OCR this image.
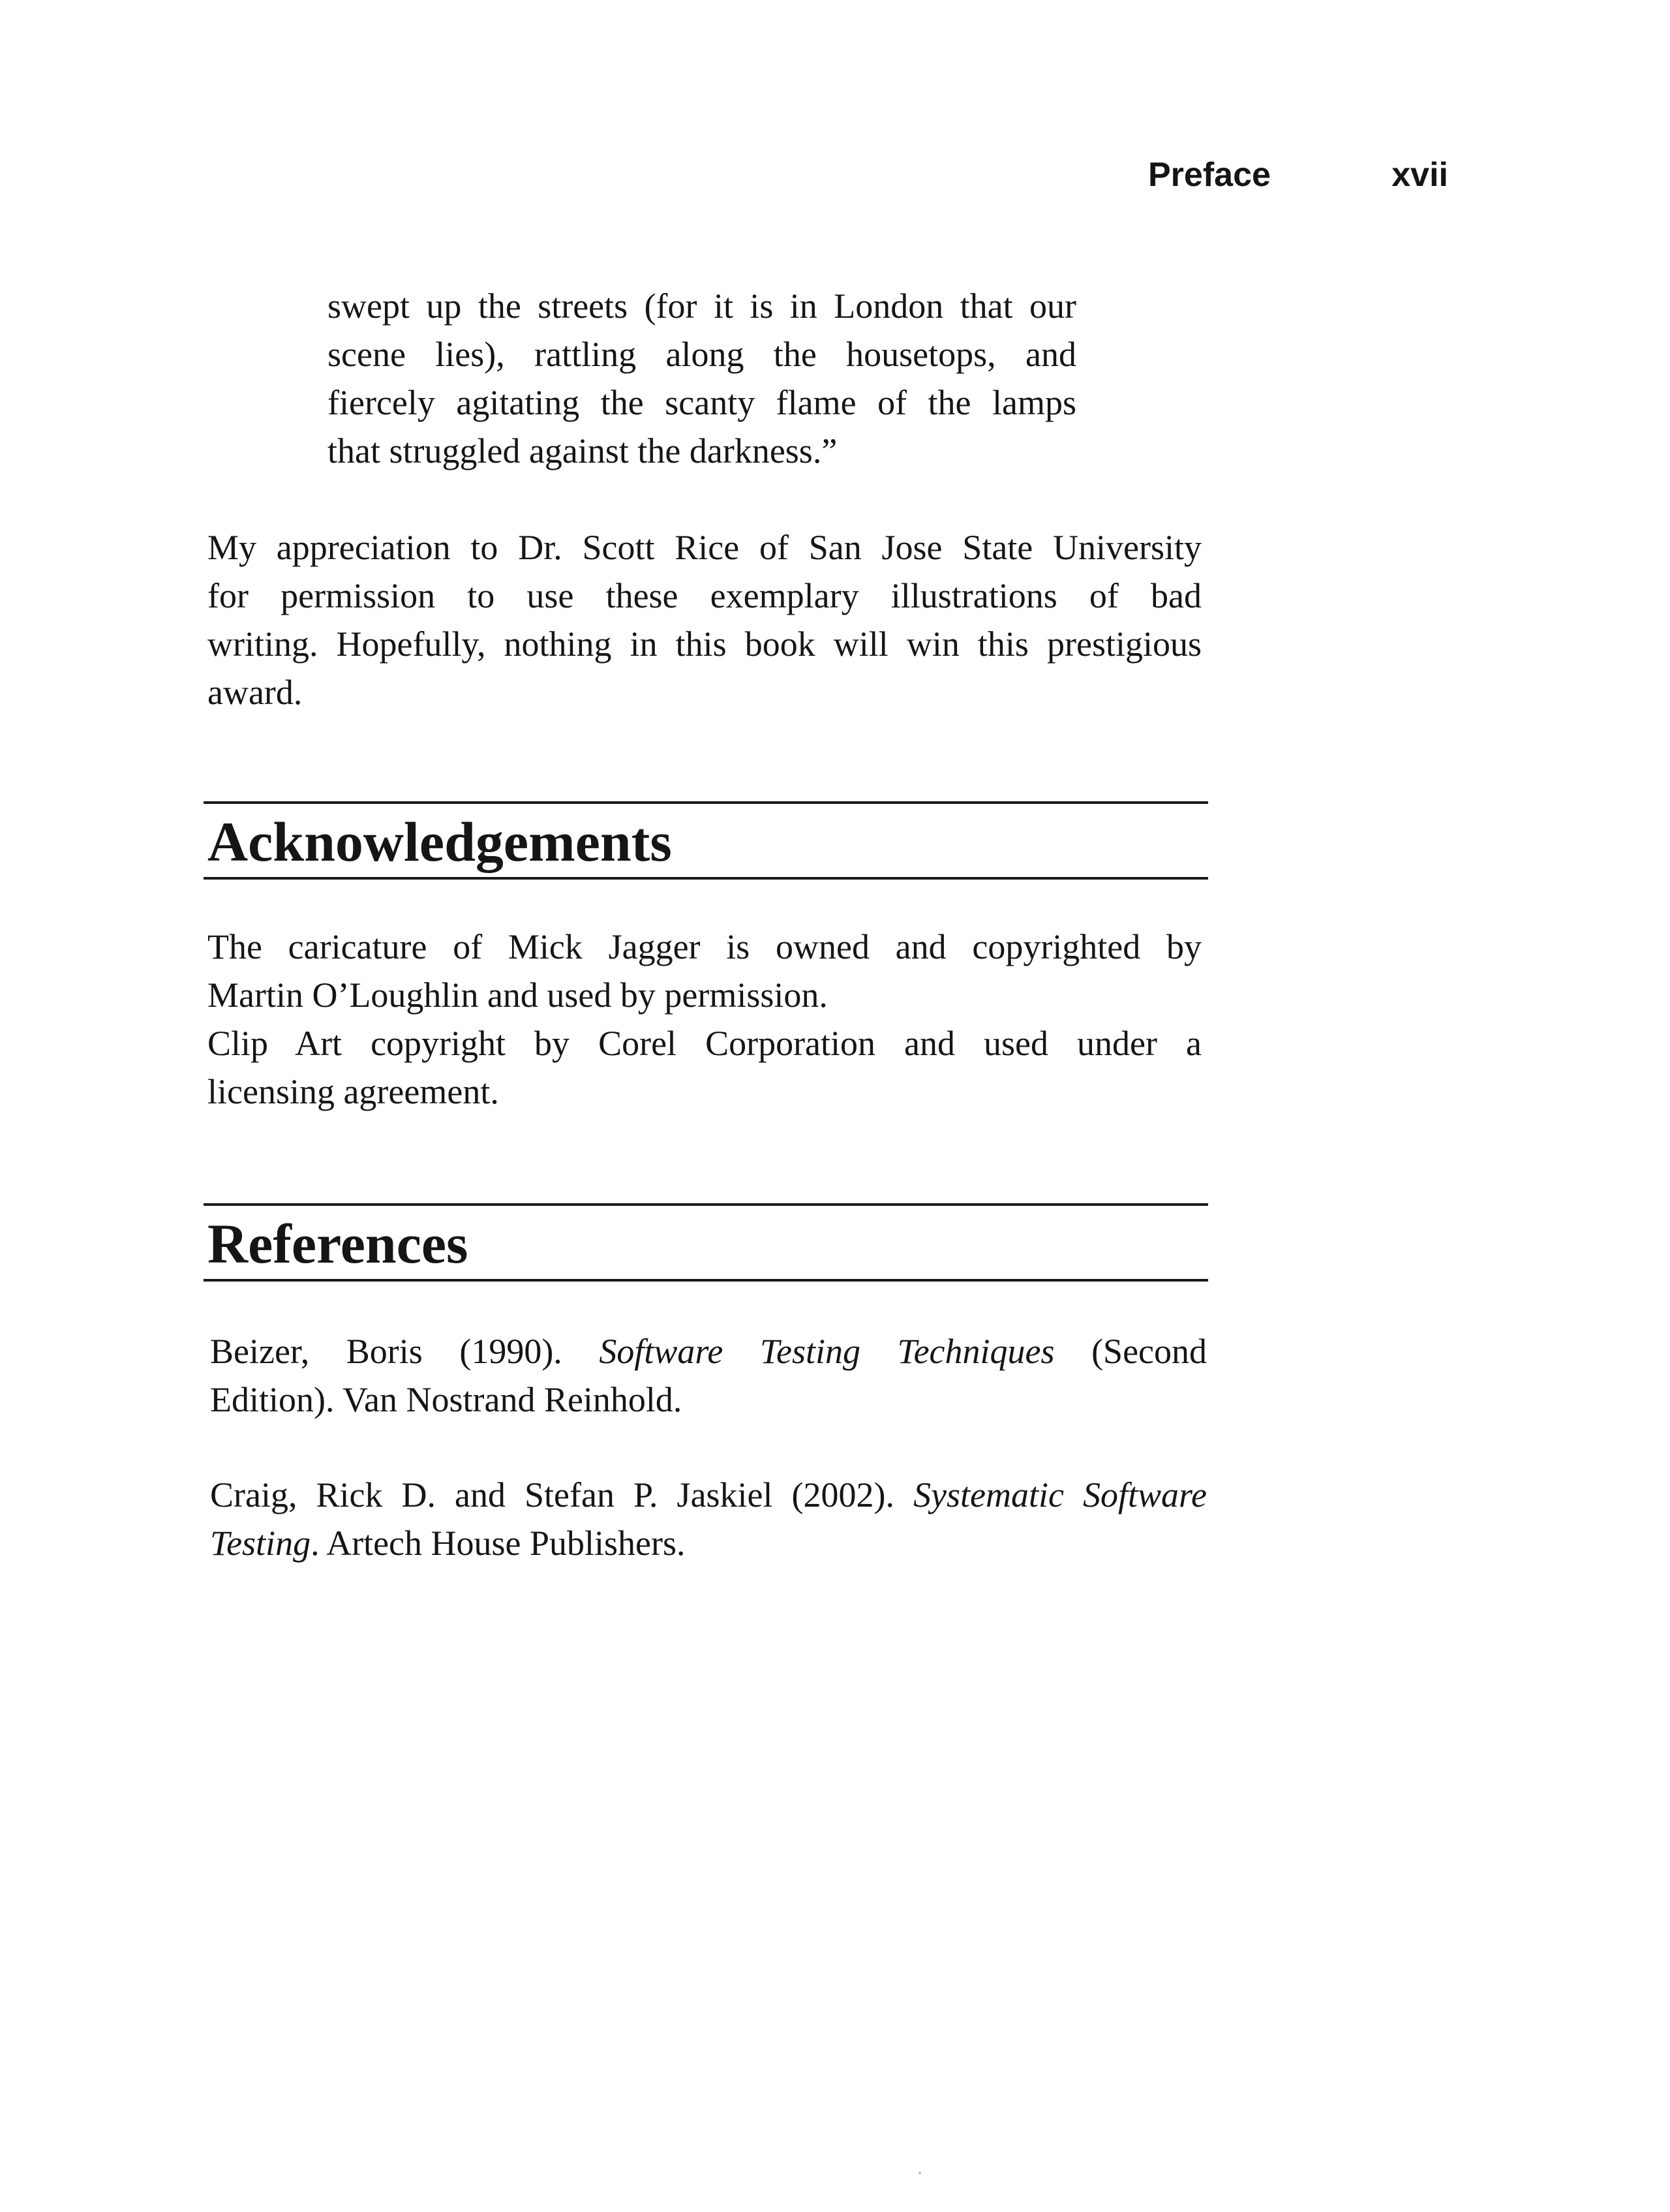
Preface	xvii
swept up the streets (for it is in London that our
scene lies), rattling along the housetops, and
fiercely agitating the scanty flame of the lamps
that struggled against the darkness.”
My appreciation to Dr. Scott Rice of San Jose State University
for permission to use these exemplary illustrations of bad
writing. Hopefully, nothing in this book will win this prestigious
award.
Acknowledgements
The caricature of Mick Jagger is owned and copyrighted by
Martin O’Loughlin and used by permission.
Clip Art copyright by Corel Corporation and used under a
licensing agreement.
References
Beizer, Boris (1990). Software Testing Techniques (Second
Edition). Van Nostrand Reinhold.
Craig, Rick D. and Stefan P. Jaskiel (2002). Systematic Software
Testing. Artech House Publishers.
